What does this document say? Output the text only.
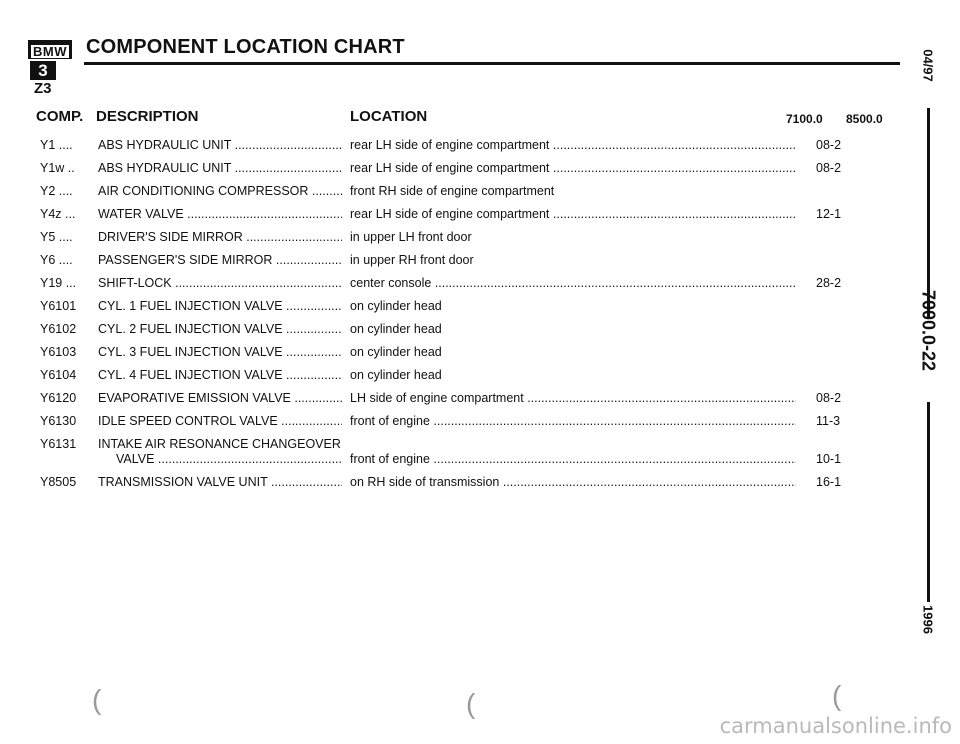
BMW
3
Z3
COMPONENT LOCATION CHART
COMP. DESCRIPTION	LOCATION	7100.0 8500.0
Y1 ....	ABS HYDRAULIC UNIT .....	rear LH side of engine compartment .....	08-2
Y1w ..	ABS HYDRAULIC UNIT .....	rear LH side of engine compartment .....	08-2
Y2 ....	AIR CONDITIONING COMPRESSOR .....	front RH side of engine compartment
Y4z ...	WATER VALVE .....	rear LH side of engine compartment .....	12-1
Y5 ....	DRIVER'S SIDE MIRROR .....	in upper LH front door
Y6 ....	PASSENGER'S SIDE MIRROR .....	in upper RH front door
Y19 ...	SHIFT-LOCK .....	center console .....	28-2
Y6101	CYL. 1 FUEL INJECTION VALVE .....	on cylinder head
Y6102	CYL. 2 FUEL INJECTION VALVE .....	on cylinder head
Y6103	CYL. 3 FUEL INJECTION VALVE .....	on cylinder head
Y6104	CYL. 4 FUEL INJECTION VALVE .....	on cylinder head
Y6120	EVAPORATIVE EMISSION VALVE .....	LH side of engine compartment .....	08-2
Y6130	IDLE SPEED CONTROL VALVE .....	front of engine .....	11-3
Y6131	INTAKE AIR RESONANCE CHANGEOVER
VALVE .....	front of engine .....	10-1
Y8505	TRANSMISSION VALVE UNIT .....	on RH side of transmission .....	16-1
04/97
7000.0-22
1996
(	(	(
carmanualsonline.info
